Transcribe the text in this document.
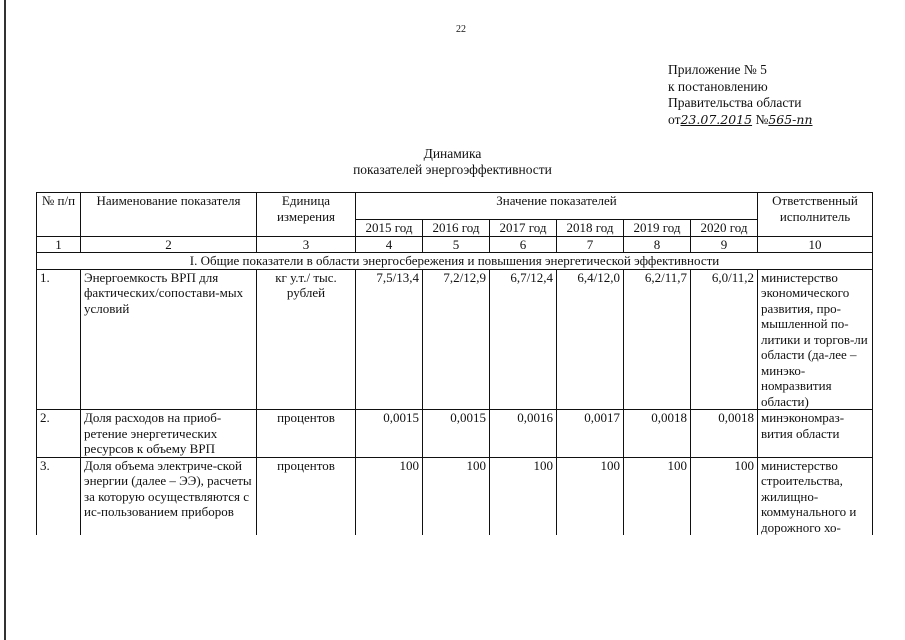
22
Приложение № 5
к постановлению
Правительства области
от23.07.2015 №565-пп
Динамика
показателей энергоэффективности
№ п/п	Наименование показателя	Единица измерения	Значение показателей						Ответственный исполнитель
			2015 год	2016 год	2017 год	2018 год	2019 год	2020 год	
1	2	3	4	5	6	7	8	9	10
I. Общие показатели в области энергосбережения и повышения энергетической эффективности									
1.	Энергоемкость ВРП для фактических/сопостави-мых условий	кг у.т./ тыс. рублей	7,5/13,4	7,2/12,9	6,7/12,4	6,4/12,0	6,2/11,7	6,0/11,2	министерство экономического развития, про-мышленной по-литики и торгов-ли области (да-лее – минэко-номразвития области)
2.	Доля расходов на приоб-ретение энергетических ресурсов к объему ВРП	процентов	0,0015	0,0015	0,0016	0,0017	0,0018	0,0018	минэкономраз-вития области
3.	Доля объема электриче-ской энергии (далее – ЭЭ), расчеты за которую осуществляются с ис-пользованием приборов	процентов	100	100	100	100	100	100	министерство строительства, жилищно-коммунального и дорожного хо-
